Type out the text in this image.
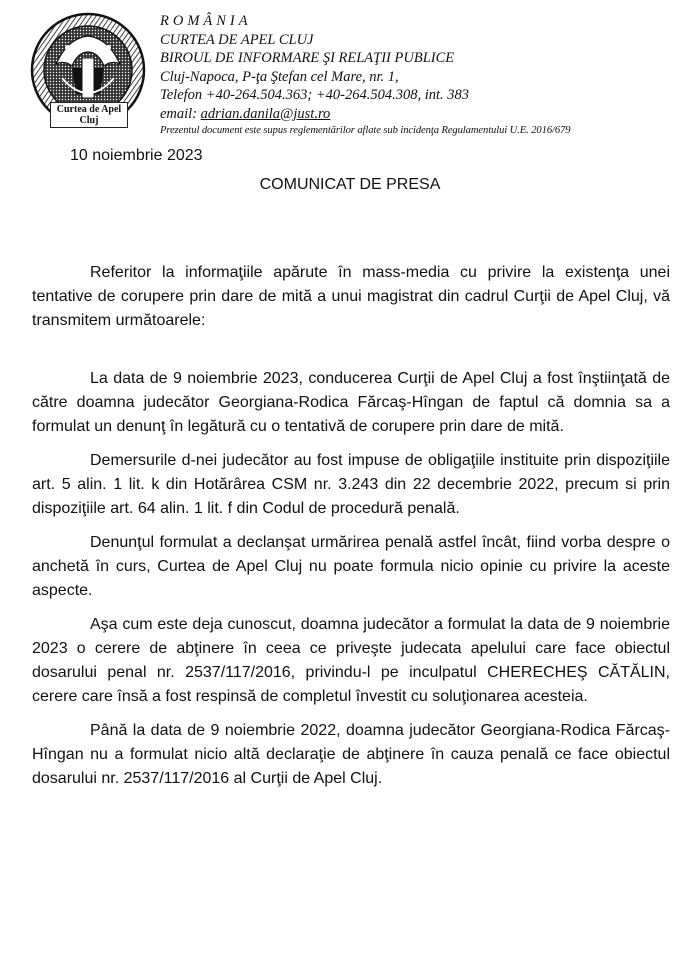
Curtea de Apel Cluj
ROMÂNIA
CURTEA DE APEL CLUJ
BIROUL DE INFORMARE ŞI RELAŢII PUBLICE
Cluj-Napoca, P-ţa Ştefan cel Mare, nr. 1,
Telefon +40-264.504.363; +40-264.504.308, int. 383
email: adrian.danila@just.ro
Prezentul document este supus reglementărilor aflate sub incidenţa Regulamentului U.E. 2016/679
10 noiembrie 2023
COMUNICAT DE PRESA

Referitor la informaţiile apărute în mass-media cu privire la existenţa unei tentative de corupere prin dare de mită a unui magistrat din cadrul Curţii de Apel Cluj, vă transmitem următoarele:

La data de 9 noiembrie 2023, conducerea Curţii de Apel Cluj a fost înştiinţată de către doamna judecător Georgiana-Rodica Fărcaş-Hîngan de faptul că domnia sa a formulat un denunţ în legătură cu o tentativă de corupere prin dare de mită.

Demersurile d-nei judecător au fost impuse de obligaţiile instituite prin dispoziţiile art. 5 alin. 1 lit. k din Hotărârea CSM nr. 3.243 din 22 decembrie 2022, precum si prin dispoziţiile art. 64 alin. 1 lit. f din Codul de procedură penală.

Denunţul formulat a declanşat urmărirea penală astfel încât, fiind vorba despre o anchetă în curs, Curtea de Apel Cluj nu poate formula nicio opinie cu privire la aceste aspecte.

Aşa cum este deja cunoscut, doamna judecător a formulat la data de 9 noiembrie 2023 o cerere de abţinere în ceea ce priveşte judecata apelului care face obiectul dosarului penal nr. 2537/117/2016, privindu-l pe inculpatul CHERECHEŞ CĂTĂLIN, cerere care însă a fost respinsă de completul învestit cu soluţionarea acesteia.

Până la data de 9 noiembrie 2022, doamna judecător Georgiana-Rodica Fărcaş-Hîngan nu a formulat nicio altă declaraţie de abţinere în cauza penală ce face obiectul dosarului nr. 2537/117/2016 al Curţii de Apel Cluj.
